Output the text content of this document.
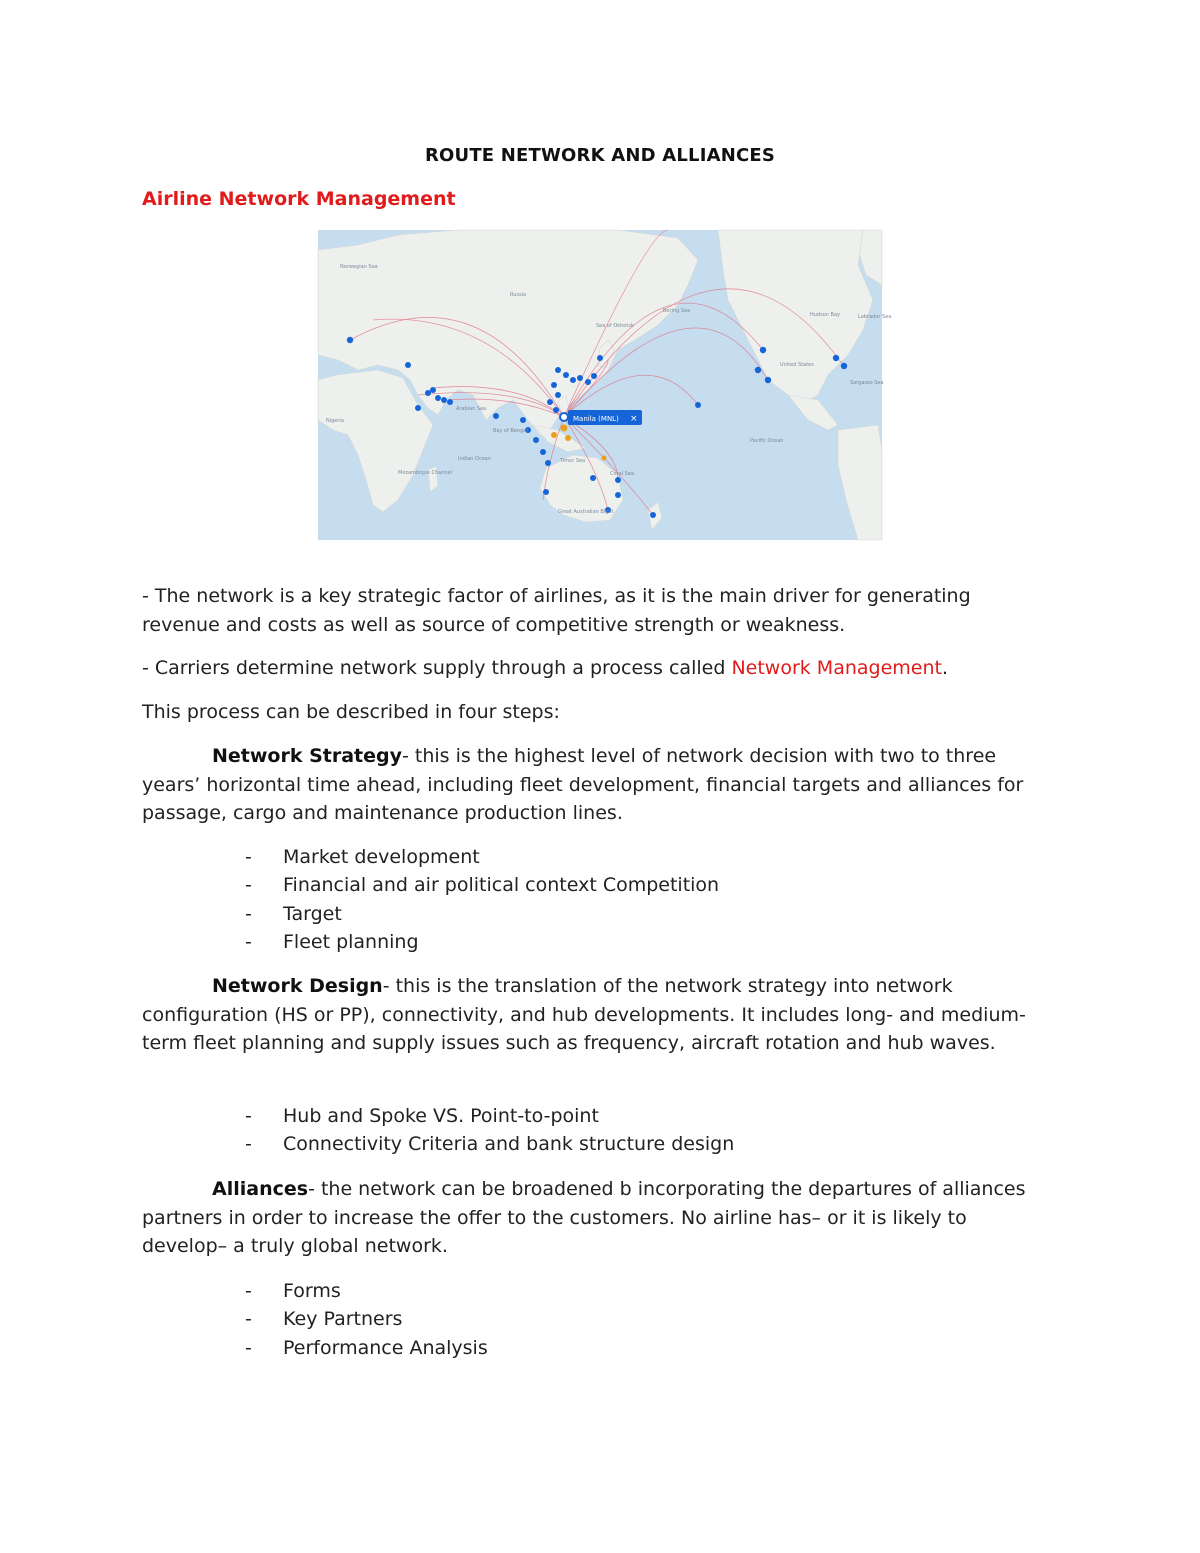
ROUTE NETWORK AND ALLIANCES
Airline Network Management
Manila (MNL) ×
Norwegian Sea
Russia
Sea of Okhotsk
Bering Sea
Hudson Bay	Labrador Sea
Arabian Sea
Bay of Bengal
Indian Ocean	Timor Sea
Coral Sea
Pacific Ocean
Great Australian Bight
United States
Sargasso Sea
Mozambique Channel
Nigeria
- The network is a key strategic factor of airlines, as it is the main driver for generating revenue and costs as well as source of competitive strength or weakness.
- Carriers determine network supply through a process called Network Management.
This process can be described in four steps:
Network Strategy- this is the highest level of network decision with two to three years’ horizontal time ahead, including fleet development, financial targets and alliances for passage, cargo and maintenance production lines.
- Market development
- Financial and air political context Competition
- Target
- Fleet planning
Network Design- this is the translation of the network strategy into network configuration (HS or PP), connectivity, and hub developments. It includes long- and medium-term fleet planning and supply issues such as frequency, aircraft rotation and hub waves.
- Hub and Spoke VS. Point-to-point
- Connectivity Criteria and bank structure design
Alliances- the network can be broadened b incorporating the departures of alliances partners in order to increase the offer to the customers. No airline has– or it is likely to develop– a truly global network.
- Forms
- Key Partners
- Performance Analysis
